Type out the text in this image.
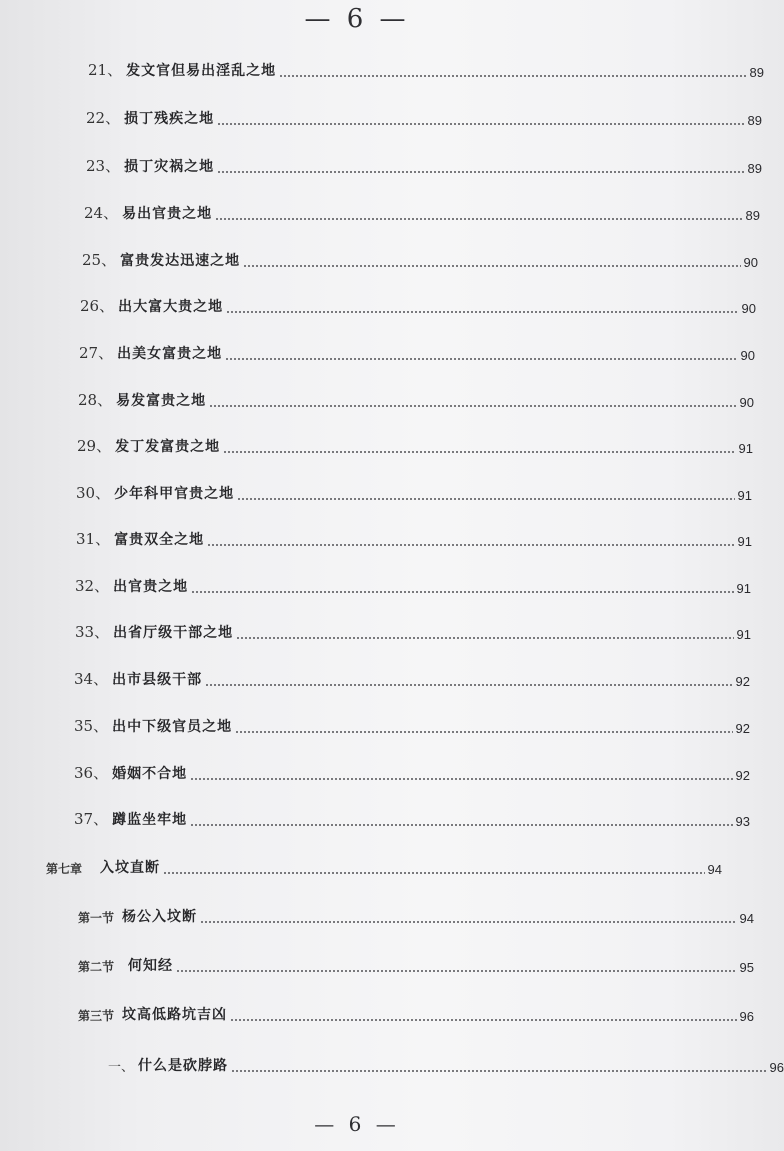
— 6 —
21、 发文官但易出淫乱之地	89
22、 损丁残疾之地	89
23、 损丁灾祸之地	89
24、 易出官贵之地	89
25、 富贵发达迅速之地	90
26、 出大富大贵之地	90
27、 出美女富贵之地	90
28、 易发富贵之地	90
29、 发丁发富贵之地	91
30、 少年科甲官贵之地	91
31、 富贵双全之地	91
32、 出官贵之地	91
33、 出省厅级干部之地	91
34、 出市县级干部	92
35、 出中下级官员之地	92
36、 婚姻不合地	92
37、 蹲监坐牢地	93
第七章 入坟直断	94
第一节 杨公入坟断	94
第二节 何知经	95
第三节 坟高低路坑吉凶	96
一、 什么是砍脖路	96
— 6 —
